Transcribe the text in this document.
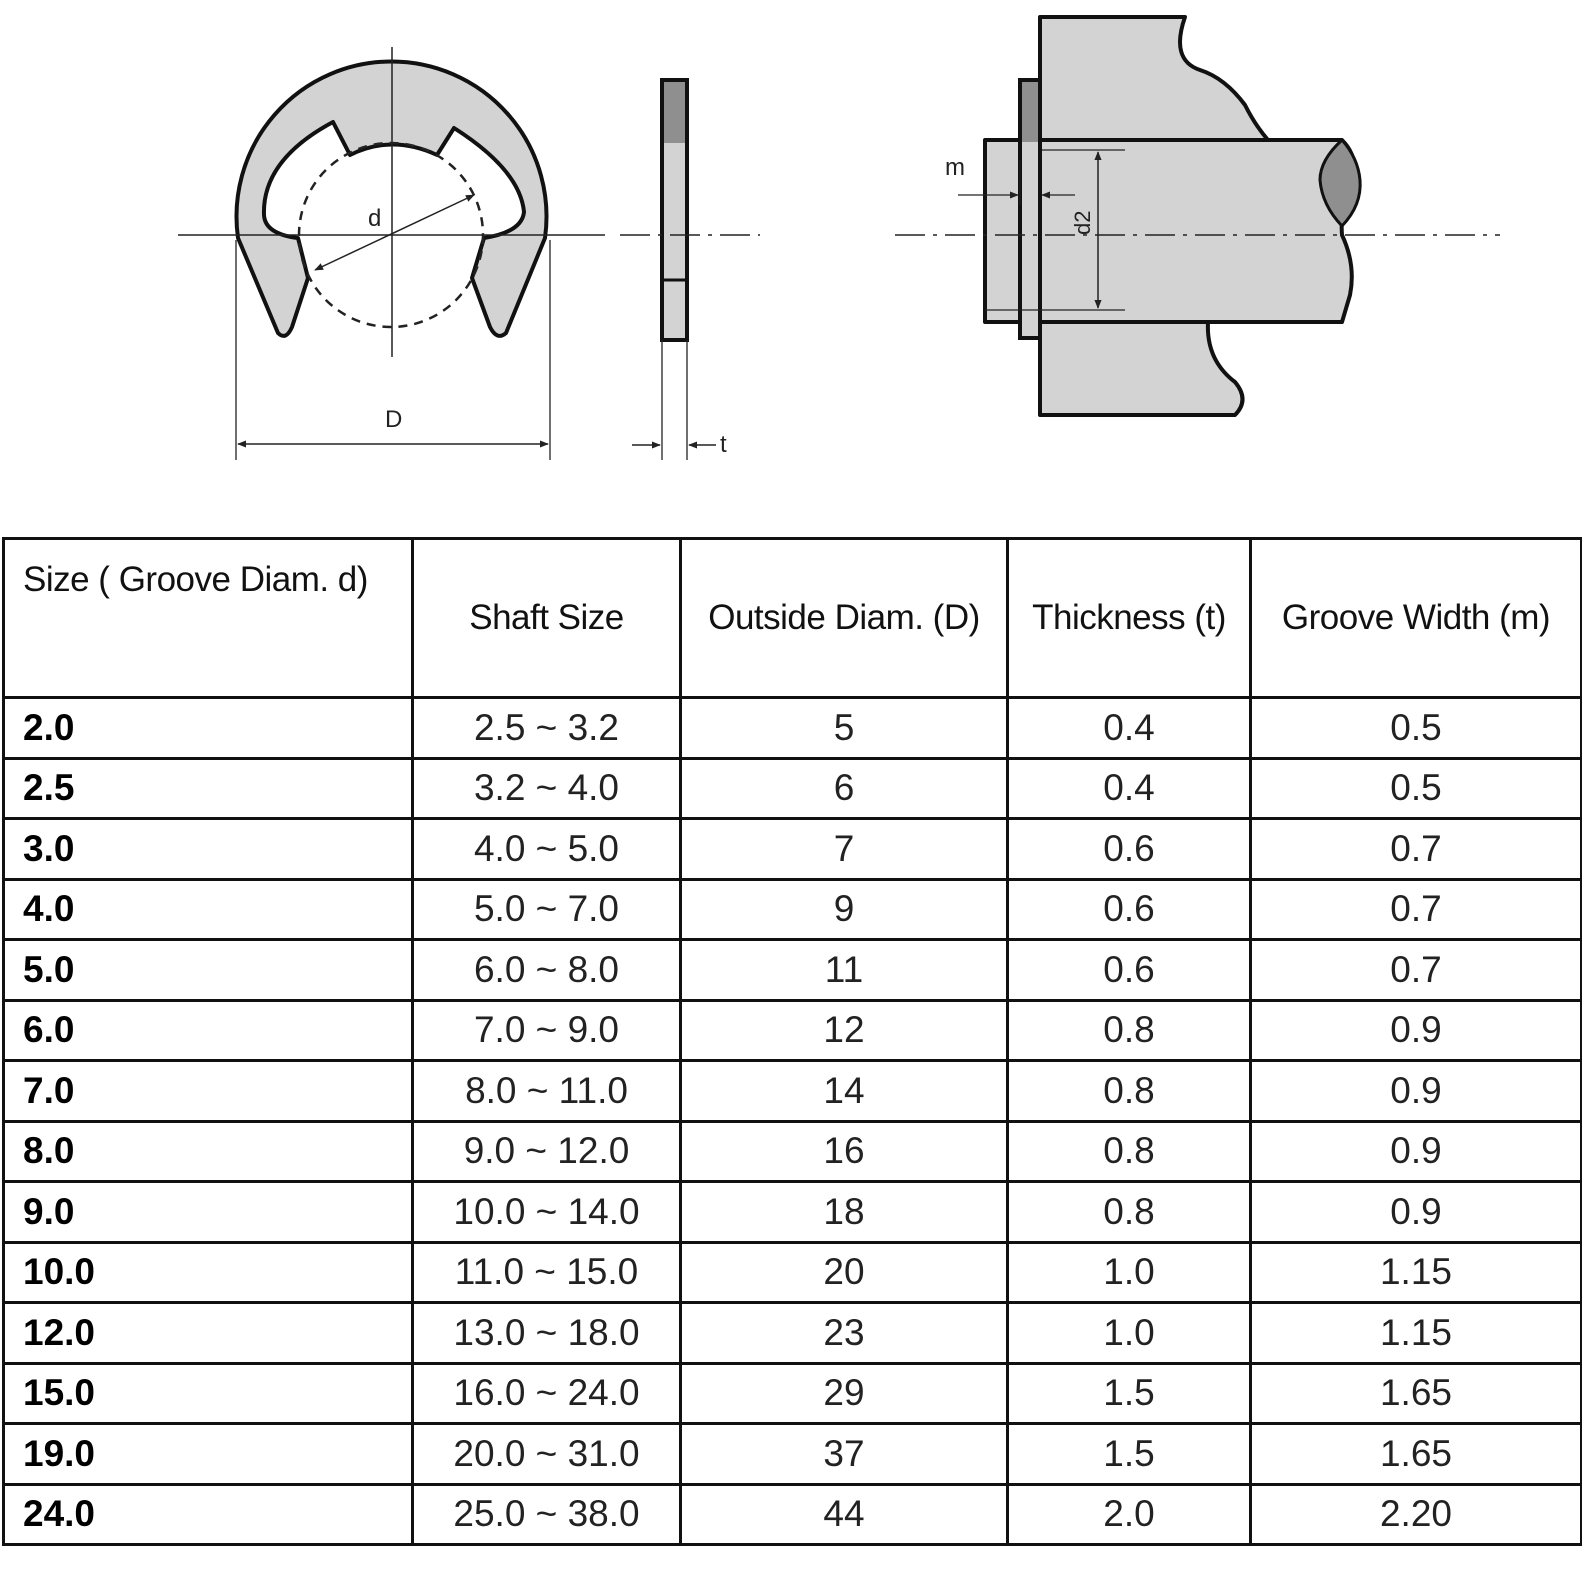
d
D
t
m
d2
Size ( Groove Diam. d)	Shaft Size	Outside Diam. (D)	Thickness (t)	Groove Width (m)
2.0	2.5 ~ 3.2	5	0.4	0.5
2.5	3.2 ~ 4.0	6	0.4	0.5
3.0	4.0 ~ 5.0	7	0.6	0.7
4.0	5.0 ~ 7.0	9	0.6	0.7
5.0	6.0 ~ 8.0	11	0.6	0.7
6.0	7.0 ~ 9.0	12	0.8	0.9
7.0	8.0 ~ 11.0	14	0.8	0.9
8.0	9.0 ~ 12.0	16	0.8	0.9
9.0	10.0 ~ 14.0	18	0.8	0.9
10.0	11.0 ~ 15.0	20	1.0	1.15
12.0	13.0 ~ 18.0	23	1.0	1.15
15.0	16.0 ~ 24.0	29	1.5	1.65
19.0	20.0 ~ 31.0	37	1.5	1.65
24.0	25.0 ~ 38.0	44	2.0	2.20
